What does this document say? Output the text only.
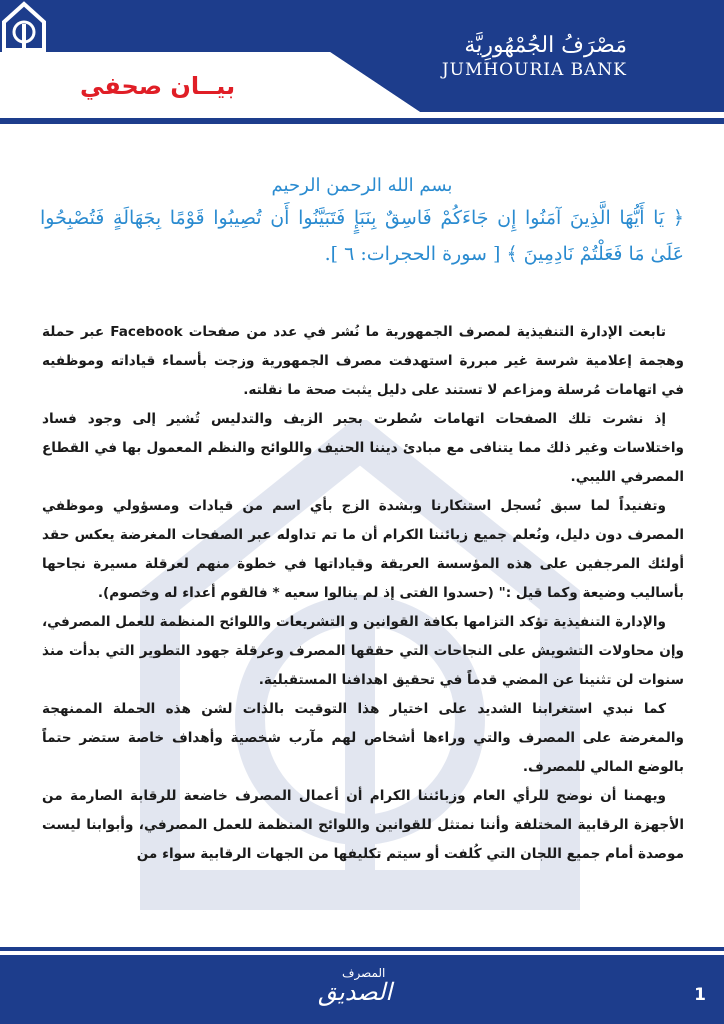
بيــان صحفي
مَصْرَفُ الجُمْهُورِيَّة
JUMHOURIA BANK
بسم الله الرحمن الرحيم
﴿ يَا أَيُّهَا الَّذِينَ آمَنُوا إِن جَاءَكُمْ فَاسِقٌ بِنَبَإٍ فَتَبَيَّنُوا أَن تُصِيبُوا قَوْمًا بِجَهَالَةٍ فَتُصْبِحُوا عَلَىٰ مَا فَعَلْتُمْ نَادِمِينَ ﴾ [ سورة الحجرات: ٦ ].

تابعت الإدارة التنفيذية لمصرف الجمهورية ما نُشر في عدد من صفحات Facebook عبر حملة وهجمة إعلامية شرسة غير مبررة استهدفت مصرف الجمهورية وزجت بأسماء قياداته وموظفيه في اتهامات مُرسلة ومزاعم لا تستند على دليل يثبت صحة ما نقلته.

إذ نشرت تلك الصفحات اتهامات سُطرت بحبر الزيف والتدليس تُشير إلى وجود فساد واختلاسات وغير ذلك مما يتنافى مع مبادئ ديننا الحنيف واللوائح والنظم المعمول بها في القطاع المصرفي الليبي.

وتفنيداً لما سبق نُسجل استنكارنا وبشدة الزج بأي اسم من قيادات ومسؤولي وموظفي المصرف دون دليل، ونُعلم جميع زبائننا الكرام أن ما تم تداوله عبر الصفحات المغرضة يعكس حقد أولئك المرجفين على هذه المؤسسة العريقة وقياداتها في خطوة منهم لعرقلة مسيرة نجاحها بأساليب وضيعة وكما قيل :" (حسدوا الفتى إذ لم ينالوا سعيه * فالقوم أعداء له وخصوم).

والإدارة التنفيذية تؤكد التزامها بكافة القوانين و التشريعات واللوائح المنظمة للعمل المصرفي، وإن محاولات التشويش على النجاحات التي حققها المصرف وعرقلة جهود التطوير التي بدأت منذ سنوات لن تثنينا عن المضي قدماً في تحقيق اهدافنا المستقبلية.

كما نبدي استغرابنا الشديد على اختيار هذا التوقيت بالذات لشن هذه الحملة الممنهجة والمغرضة على المصرف والتي وراءها أشخاص لهم مآرب شخصية وأهداف خاصة ستضر حتماً بالوضع المالي للمصرف.

ويهمنا أن نوضح للرأي العام وزبائننا الكرام أن أعمال المصرف خاضعة للرقابة الصارمة من الأجهزة الرقابية المختلفة وأننا نمتثل للقوانين واللوائح المنظمة للعمل المصرفي، وأبوابنا ليست موصدة أمام جميع اللجان التي كُلفت أو سيتم تكليفها من الجهات الرقابية سواء من

المصرف
الصديق	1
